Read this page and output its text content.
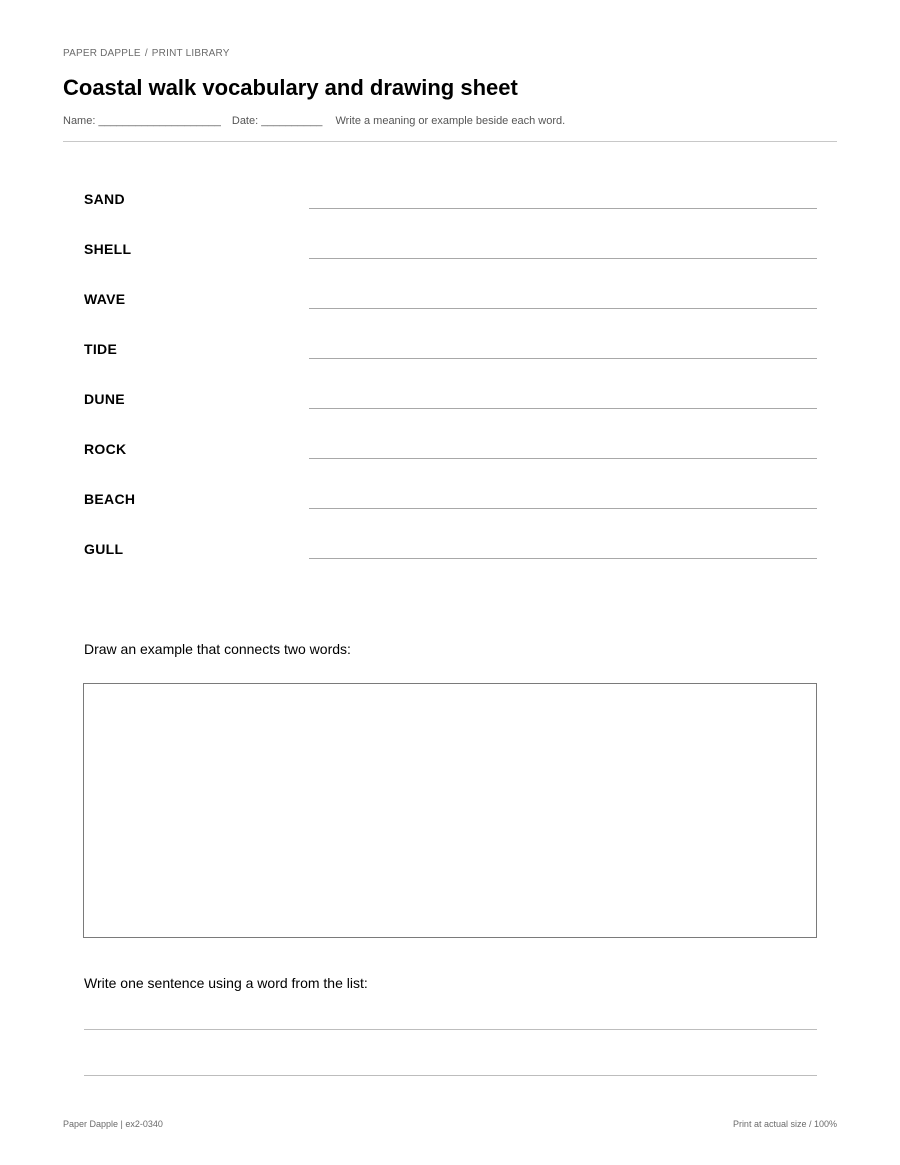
PAPER DAPPLE / PRINT LIBRARY
Coastal walk vocabulary and drawing sheet
Name: ____________________ Date: __________ Write a meaning or example beside each word.
SAND
SHELL
WAVE
TIDE
DUNE
ROCK
BEACH
GULL
Draw an example that connects two words:
Write one sentence using a word from the list:
Paper Dapple | ex2-0340	Print at actual size / 100%
